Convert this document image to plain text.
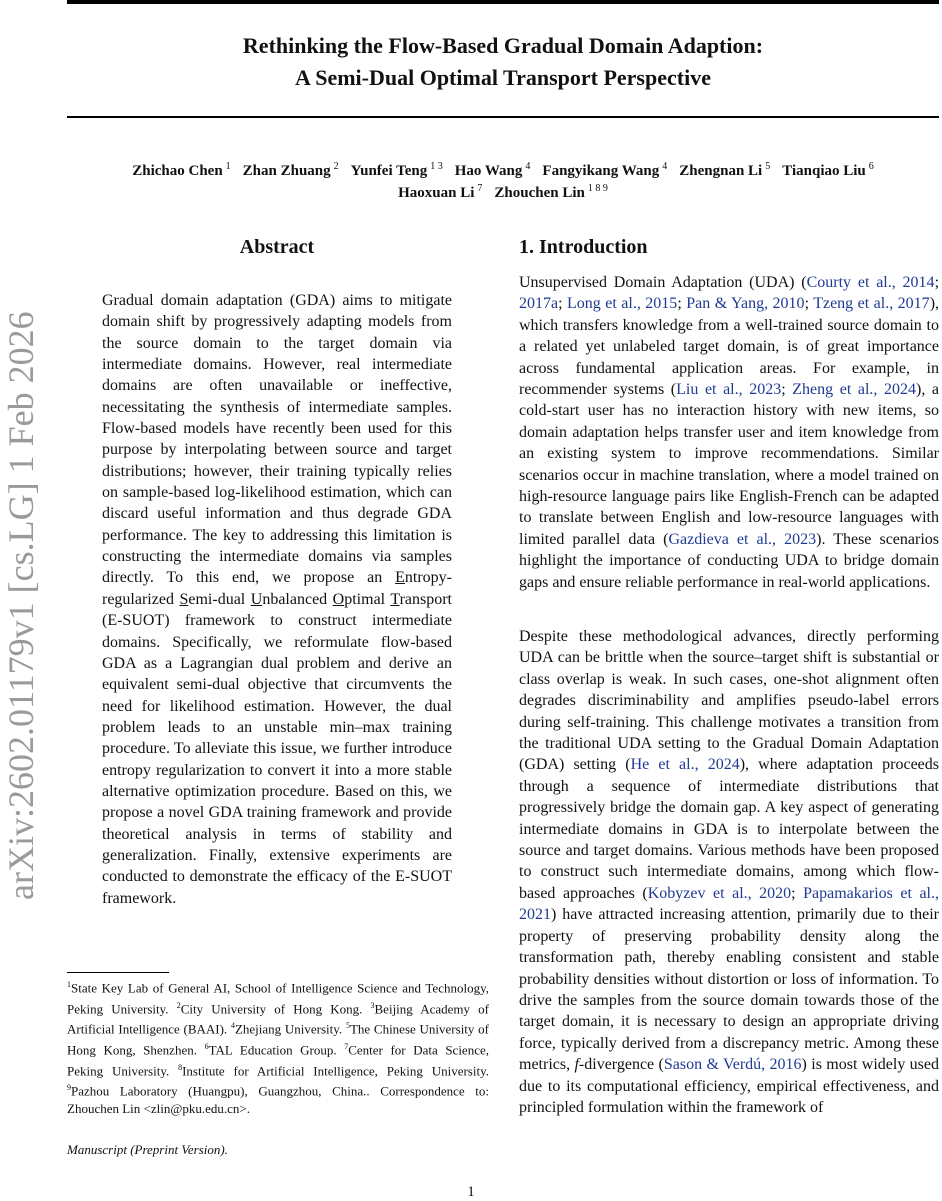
Rethinking the Flow-Based Gradual Domain Adaption:
A Semi-Dual Optimal Transport Perspective
Zhichao Chen $^1$ Zhan Zhuang $^2$ Yunfei Teng $^{1 3}$ Hao Wang $^4$ Fangyikang Wang $^4$ Zhengnan Li $^5$ Tianqiao Liu $^6$
Haoxuan Li $^7$ Zhouchen Lin $^{1 8 9}$
arXiv:2602.01179v1 [cs.LG] 1 Feb 2026
Abstract
Gradual domain adaptation (GDA) aims to mitigate domain shift by progressively adapting models from the source domain to the target domain via intermediate domains. However, real intermediate domains are often unavailable or ineffective, necessitating the synthesis of intermediate samples. Flow-based models have recently been used for this purpose by interpolating between source and target distributions; however, their training typically relies on sample-based log-likelihood estimation, which can discard useful information and thus degrade GDA performance. The key to addressing this limitation is constructing the intermediate domains via samples directly. To this end, we propose an Entropy-regularized Semi-dual Unbalanced Optimal Transport (E-SUOT) framework to construct intermediate domains. Specifically, we reformulate flow-based GDA as a Lagrangian dual problem and derive an equivalent semi-dual objective that circumvents the need for likelihood estimation. However, the dual problem leads to an unstable min–max training procedure. To alleviate this issue, we further introduce entropy regularization to convert it into a more stable alternative optimization procedure. Based on this, we propose a novel GDA training framework and provide theoretical analysis in terms of stability and generalization. Finally, extensive experiments are conducted to demonstrate the efficacy of the E-SUOT framework.
$^1$State Key Lab of General AI, School of Intelligence Science and Technology, Peking University. $^2$City University of Hong Kong. $^3$Beijing Academy of Artificial Intelligence (BAAI). $^4$Zhejiang University. $^5$The Chinese University of Hong Kong, Shenzhen. $^6$TAL Education Group. $^7$Center for Data Science, Peking University. $^8$Institute for Artificial Intelligence, Peking University. $^9$Pazhou Laboratory (Huangpu), Guangzhou, China.. Correspondence to: Zhouchen Lin <zlin@pku.edu.cn>.
Manuscript (Preprint Version).
1. Introduction
Unsupervised Domain Adaptation (UDA) (Courty et al., 2014; 2017a; Long et al., 2015; Pan & Yang, 2010; Tzeng et al., 2017), which transfers knowledge from a well-trained source domain to a related yet unlabeled target domain, is of great importance across fundamental application areas. For example, in recommender systems (Liu et al., 2023; Zheng et al., 2024), a cold-start user has no interaction history with new items, so domain adaptation helps transfer user and item knowledge from an existing system to improve recommendations. Similar scenarios occur in machine translation, where a model trained on high-resource language pairs like English-French can be adapted to translate between English and low-resource languages with limited parallel data (Gazdieva et al., 2023). These scenarios highlight the importance of conducting UDA to bridge domain gaps and ensure reliable performance in real-world applications.
Despite these methodological advances, directly performing UDA can be brittle when the source–target shift is substantial or class overlap is weak. In such cases, one-shot alignment often degrades discriminability and amplifies pseudo-label errors during self-training. This challenge motivates a transition from the traditional UDA setting to the Gradual Domain Adaptation (GDA) setting (He et al., 2024), where adaptation proceeds through a sequence of intermediate distributions that progressively bridge the domain gap. A key aspect of generating intermediate domains in GDA is to interpolate between the source and target domains. Various methods have been proposed to construct such intermediate domains, among which flow-based approaches (Kobyzev et al., 2020; Papamakarios et al., 2021) have attracted increasing attention, primarily due to their property of preserving probability density along the transformation path, thereby enabling consistent and stable probability densities without distortion or loss of information. To drive the samples from the source domain towards those of the target domain, it is necessary to design an appropriate driving force, typically derived from a discrepancy metric. Among these metrics, f-divergence (Sason & Verdú, 2016) is most widely used due to its computational efficiency, empirical effectiveness, and principled formulation within the framework of
1
